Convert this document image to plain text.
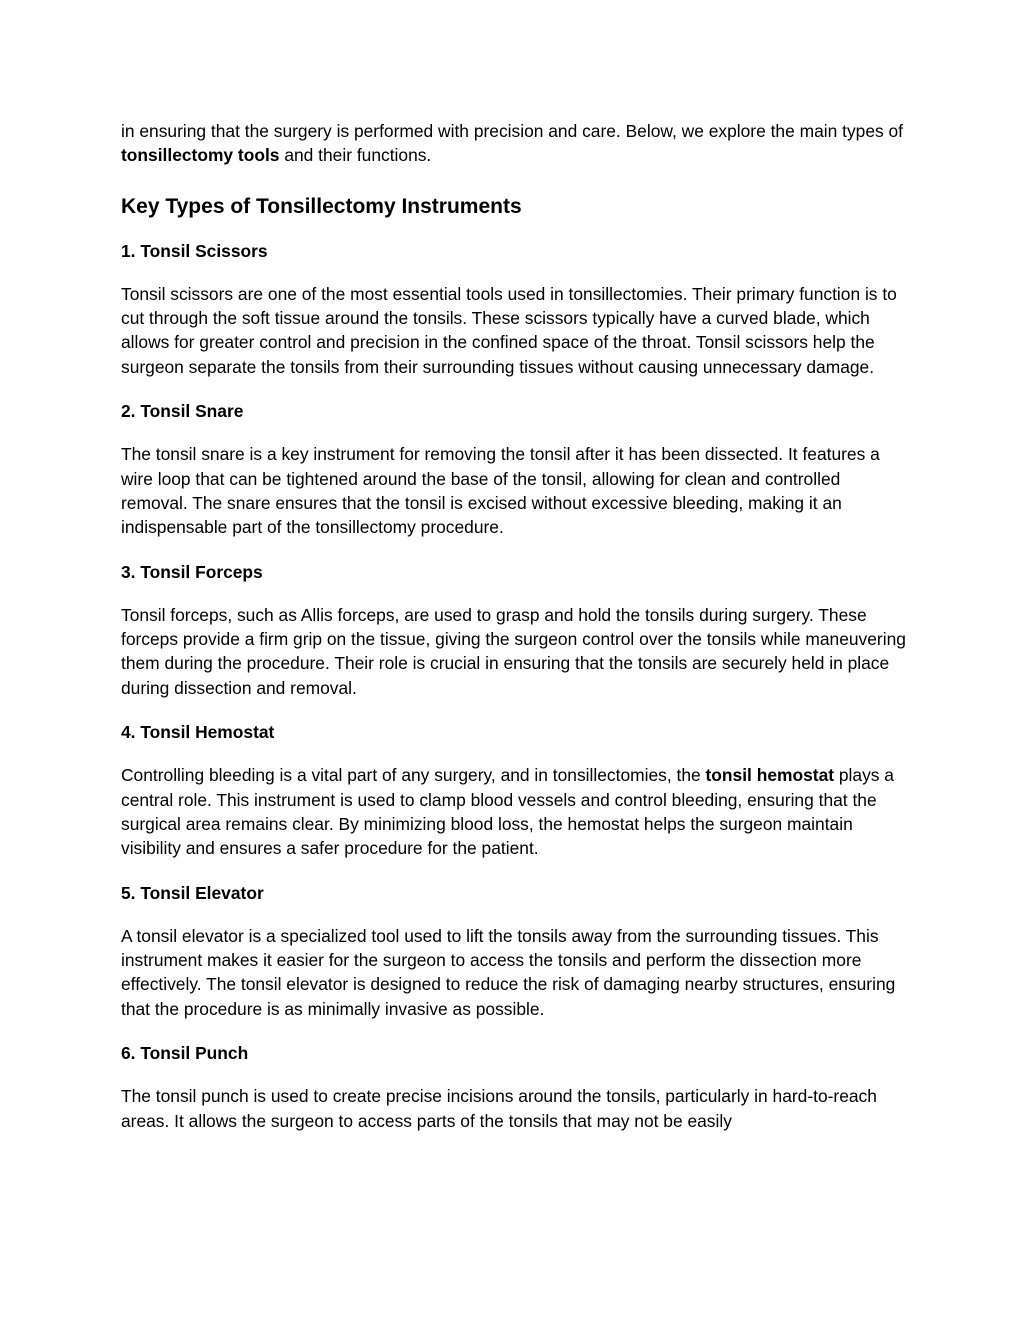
in ensuring that the surgery is performed with precision and care. Below, we explore the main types of tonsillectomy tools and their functions.

Key Types of Tonsillectomy Instruments
1. Tonsil Scissors

Tonsil scissors are one of the most essential tools used in tonsillectomies. Their primary function is to cut through the soft tissue around the tonsils. These scissors typically have a curved blade, which allows for greater control and precision in the confined space of the throat. Tonsil scissors help the surgeon separate the tonsils from their surrounding tissues without causing unnecessary damage.

2. Tonsil Snare

The tonsil snare is a key instrument for removing the tonsil after it has been dissected. It features a wire loop that can be tightened around the base of the tonsil, allowing for clean and controlled removal. The snare ensures that the tonsil is excised without excessive bleeding, making it an indispensable part of the tonsillectomy procedure.

3. Tonsil Forceps

Tonsil forceps, such as Allis forceps, are used to grasp and hold the tonsils during surgery. These forceps provide a firm grip on the tissue, giving the surgeon control over the tonsils while maneuvering them during the procedure. Their role is crucial in ensuring that the tonsils are securely held in place during dissection and removal.

4. Tonsil Hemostat

Controlling bleeding is a vital part of any surgery, and in tonsillectomies, the tonsil hemostat plays a central role. This instrument is used to clamp blood vessels and control bleeding, ensuring that the surgical area remains clear. By minimizing blood loss, the hemostat helps the surgeon maintain visibility and ensures a safer procedure for the patient.

5. Tonsil Elevator

A tonsil elevator is a specialized tool used to lift the tonsils away from the surrounding tissues. This instrument makes it easier for the surgeon to access the tonsils and perform the dissection more effectively. The tonsil elevator is designed to reduce the risk of damaging nearby structures, ensuring that the procedure is as minimally invasive as possible.

6. Tonsil Punch

The tonsil punch is used to create precise incisions around the tonsils, particularly in hard-to-reach areas. It allows the surgeon to access parts of the tonsils that may not be easily
